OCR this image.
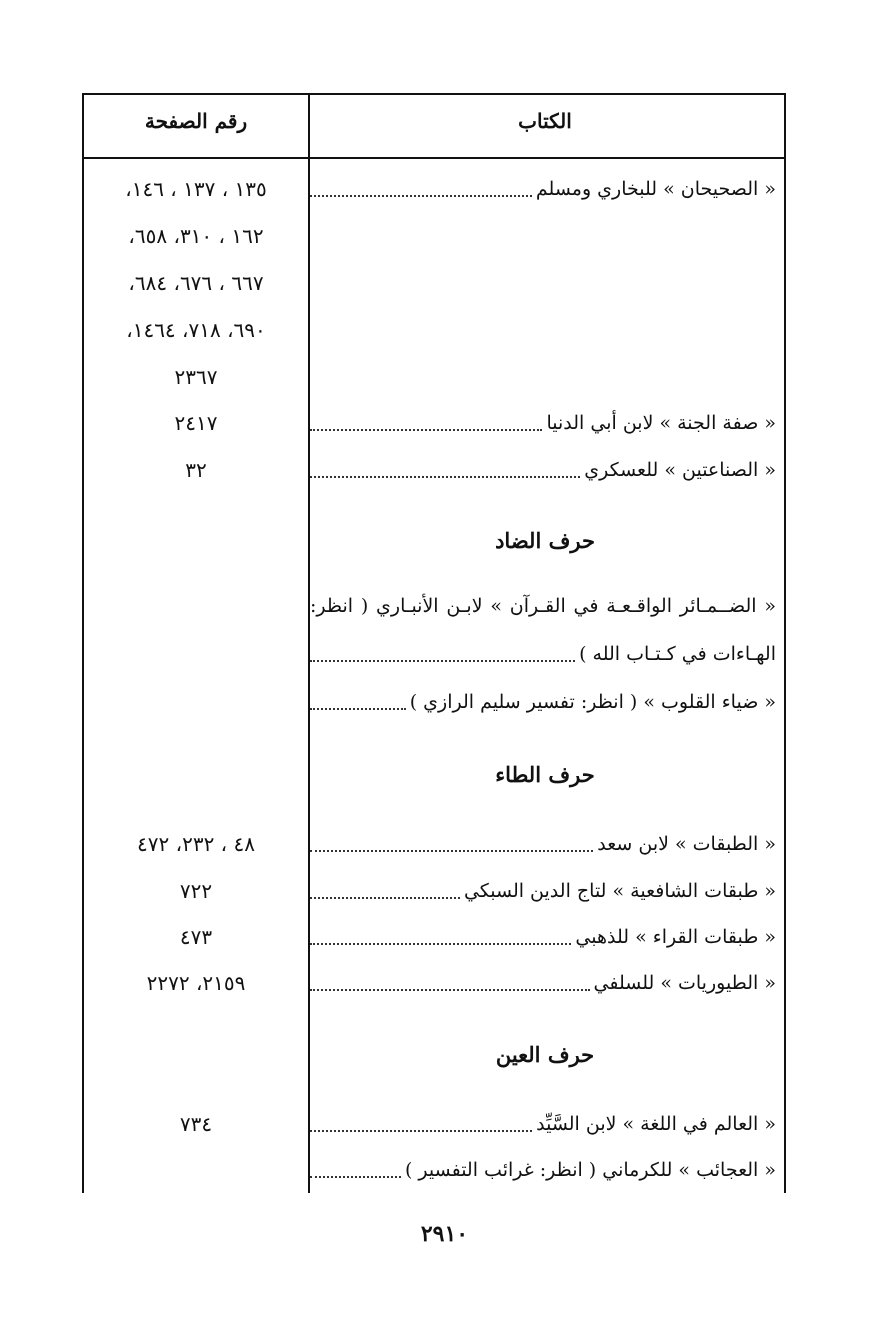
الكتاب
رقم الصفحة
« الصحيحان » للبخاري ومسلم
١٣٥ ، ١٣٧ ، ١٤٦،
١٦٢ ، ٣١٠، ٦٥٨،
٦٦٧ ، ٦٧٦، ٦٨٤،
٦٩٠، ٧١٨، ١٤٦٤،
٢٣٦٧
« صفة الجنة » لابن أبي الدنيا
٢٤١٧
« الصناعتين » للعسكري
٣٢
حرف الضاد
« الضــمـائر الواقـعـة في القـرآن » لابـن الأنبـاري ( انظر:
الهـاءات في كـتـاب الله )
« ضياء القلوب » ( انظر: تفسير سليم الرازي )
حرف الطاء
« الطبقات » لابن سعد
٤٨ ، ٢٣٢، ٤٧٢
« طبقات الشافعية » لتاج الدين السبكي
٧٢٢
« طبقات القراء » للذهبي
٤٧٣
« الطيوريات » للسلفي
٢١٥٩، ٢٢٧٢
حرف العين
« العالم في اللغة » لابن السَّيِّد
٧٣٤
« العجائب » للكرماني ( انظر: غرائب التفسير )
٢٩١٠
